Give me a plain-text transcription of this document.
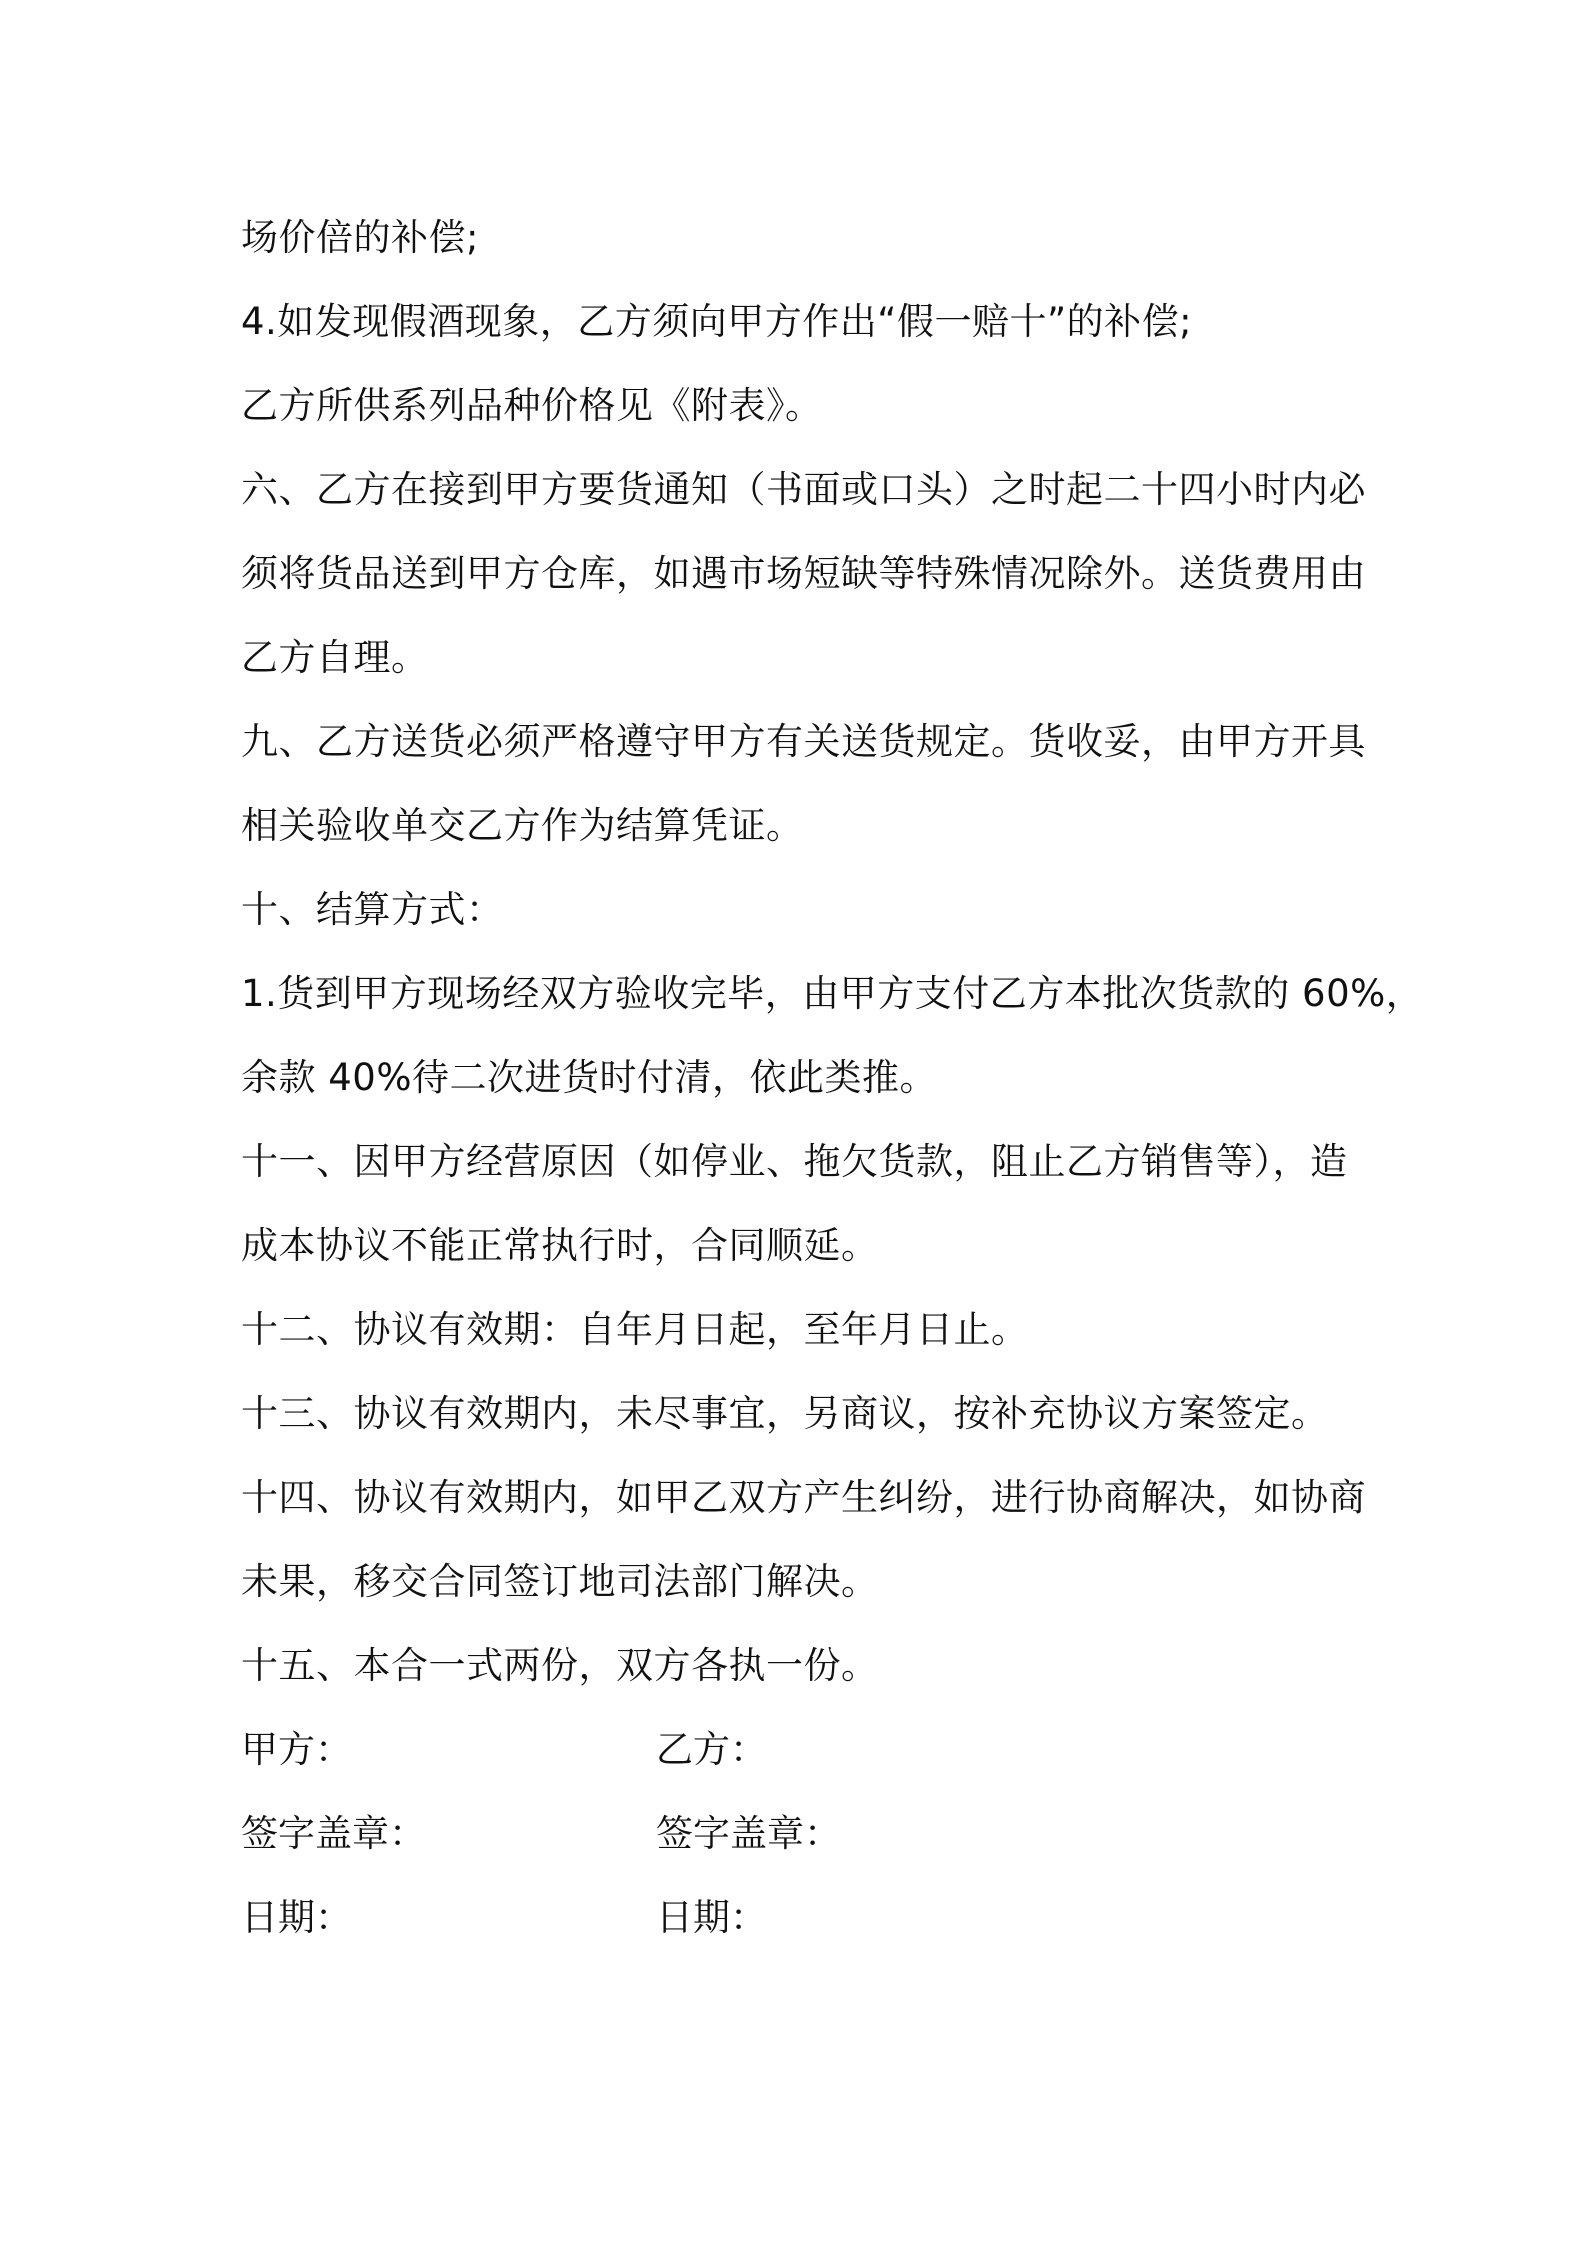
场价倍的补偿;
4.如发现假酒现象，乙方须向甲方作出“假一赔十”的补偿;
乙方所供系列品种价格见《附表》。
六、乙方在接到甲方要货通知（书面或口头）之时起二十四小时内必
须将货品送到甲方仓库，如遇市场短缺等特殊情况除外。送货费用由
乙方自理。
九、乙方送货必须严格遵守甲方有关送货规定。货收妥，由甲方开具
相关验收单交乙方作为结算凭证。
十、结算方式：
1.货到甲方现场经双方验收完毕，由甲方支付乙方本批次货款的 60%，
余款 40%待二次进货时付清，依此类推。
十一、因甲方经营原因（如停业、拖欠货款，阻止乙方销售等），造
成本协议不能正常执行时，合同顺延。
十二、协议有效期：自年月日起，至年月日止。
十三、协议有效期内，未尽事宜，另商议，按补充协议方案签定。
十四、协议有效期内，如甲乙双方产生纠纷，进行协商解决，如协商
未果，移交合同签订地司法部门解决。
十五、本合一式两份，双方各执一份。
甲方：	乙方：
签字盖章：	签字盖章：
日期：	日期：
